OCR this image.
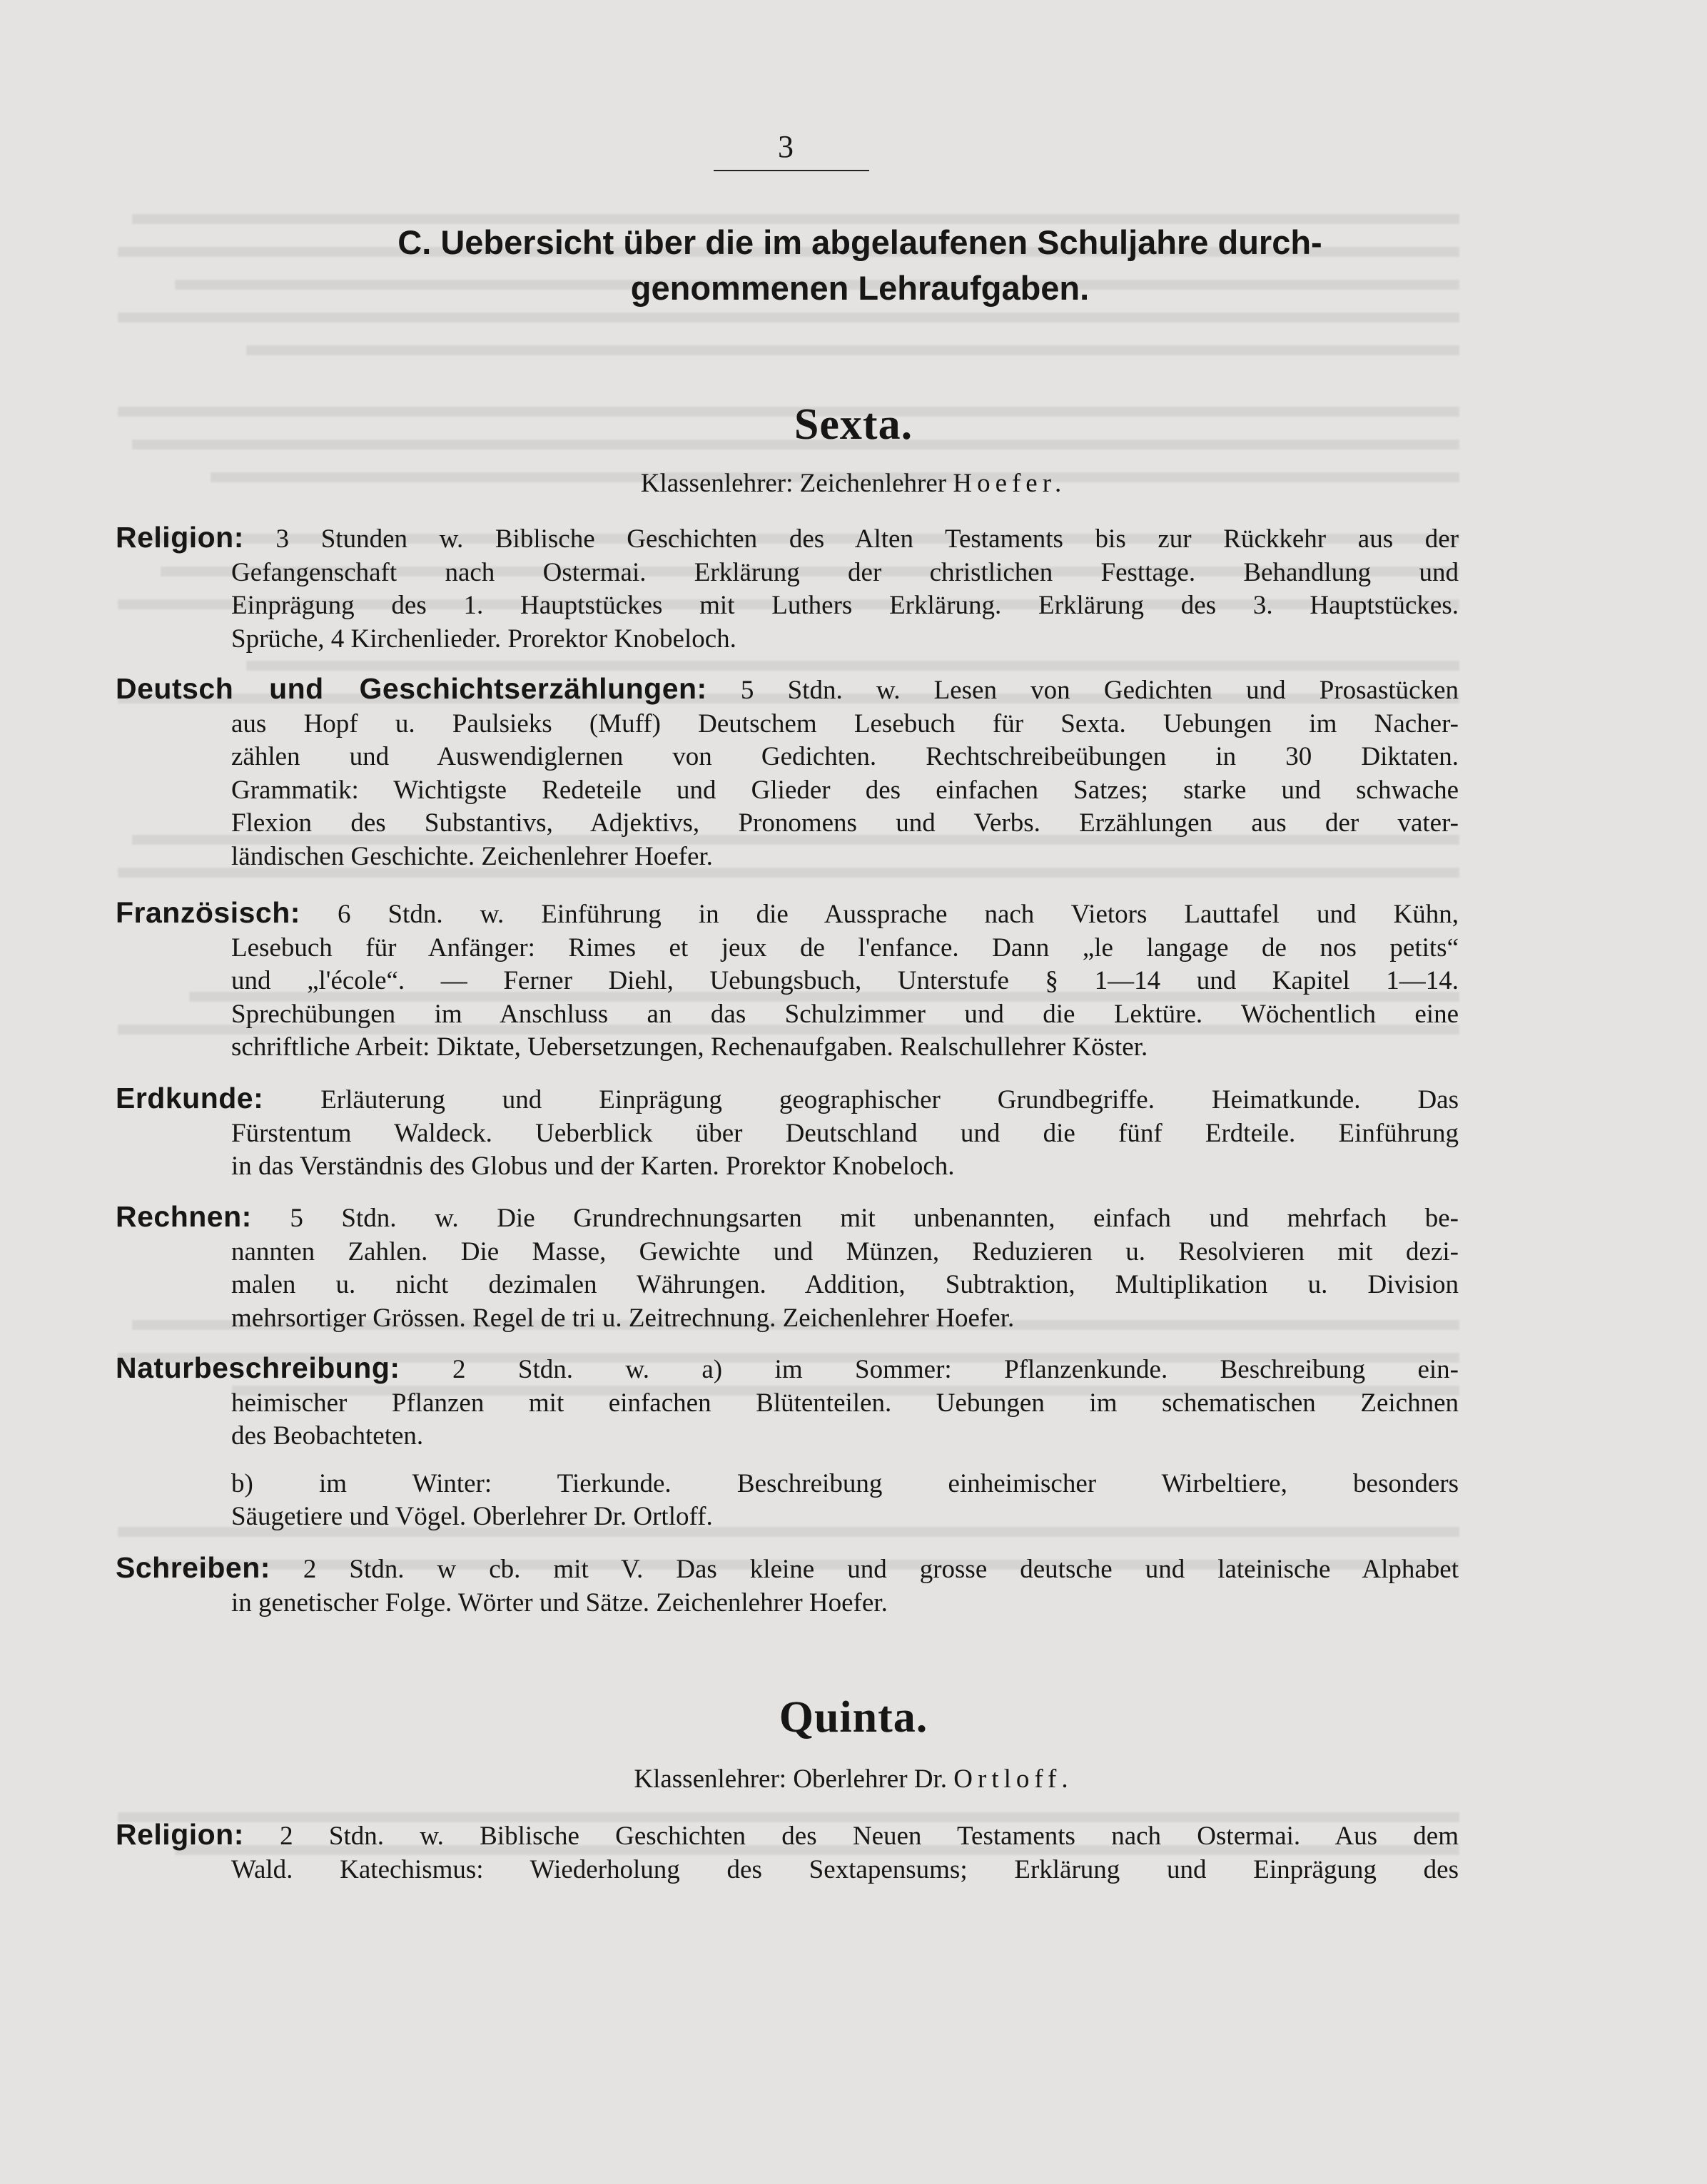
3
C. Uebersicht über die im abgelaufenen Schuljahre durch-
genommenen Lehraufgaben.
Sexta.
Klassenlehrer: Zeichenlehrer Hoefer.
Religion: 3 Stunden w. Biblische Geschichten des Alten Testaments bis zur Rückkehr aus der
Gefangenschaft nach Ostermai. Erklärung der christlichen Festtage. Behandlung und
Einprägung des 1. Hauptstückes mit Luthers Erklärung. Erklärung des 3. Hauptstückes.
Sprüche, 4 Kirchenlieder. Prorektor Knobeloch.
Deutsch und Geschichtserzählungen: 5 Stdn. w. Lesen von Gedichten und Prosastücken
aus Hopf u. Paulsieks (Muff) Deutschem Lesebuch für Sexta. Uebungen im Nacher-
zählen und Auswendiglernen von Gedichten. Rechtschreibeübungen in 30 Diktaten.
Grammatik: Wichtigste Redeteile und Glieder des einfachen Satzes; starke und schwache
Flexion des Substantivs, Adjektivs, Pronomens und Verbs. Erzählungen aus der vater-
ländischen Geschichte. Zeichenlehrer Hoefer.
Französisch: 6 Stdn. w. Einführung in die Aussprache nach Vietors Lauttafel und Kühn,
Lesebuch für Anfänger: Rimes et jeux de l'enfance. Dann „le langage de nos petits“
und „l'école“. — Ferner Diehl, Uebungsbuch, Unterstufe § 1—14 und Kapitel 1—14.
Sprechübungen im Anschluss an das Schulzimmer und die Lektüre. Wöchentlich eine
schriftliche Arbeit: Diktate, Uebersetzungen, Rechenaufgaben. Realschullehrer Köster.
Erdkunde: Erläuterung und Einprägung geographischer Grundbegriffe. Heimatkunde. Das
Fürstentum Waldeck. Ueberblick über Deutschland und die fünf Erdteile. Einführung
in das Verständnis des Globus und der Karten. Prorektor Knobeloch.
Rechnen: 5 Stdn. w. Die Grundrechnungsarten mit unbenannten, einfach und mehrfach be-
nannten Zahlen. Die Masse, Gewichte und Münzen, Reduzieren u. Resolvieren mit dezi-
malen u. nicht dezimalen Währungen. Addition, Subtraktion, Multiplikation u. Division
mehrsortiger Grössen. Regel de tri u. Zeitrechnung. Zeichenlehrer Hoefer.
Naturbeschreibung: 2 Stdn. w. a) im Sommer: Pflanzenkunde. Beschreibung ein-
heimischer Pflanzen mit einfachen Blütenteilen. Uebungen im schematischen Zeichnen
des Beobachteten.
b) im Winter: Tierkunde. Beschreibung einheimischer Wirbeltiere, besonders
Säugetiere und Vögel. Oberlehrer Dr. Ortloff.
Schreiben: 2 Stdn. w cb. mit V. Das kleine und grosse deutsche und lateinische Alphabet
in genetischer Folge. Wörter und Sätze. Zeichenlehrer Hoefer.
Quinta.
Klassenlehrer: Oberlehrer Dr. Ortloff.
Religion: 2 Stdn. w. Biblische Geschichten des Neuen Testaments nach Ostermai. Aus dem
Wald. Katechismus: Wiederholung des Sextapensums; Erklärung und Einprägung des
